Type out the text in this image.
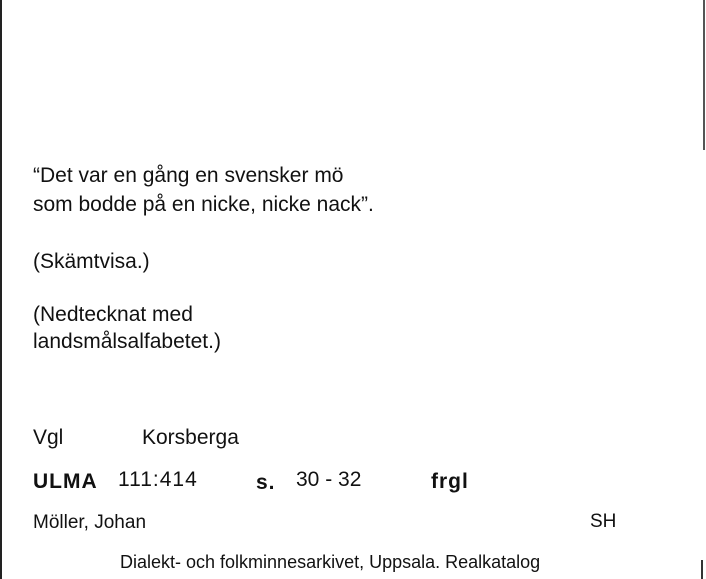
“Det var en gång en svensker mö
som bodde på en nicke, nicke nack”.
(Skämtvisa.)
(Nedtecknat med
landsmålsalfabetet.)
Vgl	Korsberga
ULMA 111:414	s. 30 - 32	frgl
Möller, Johan	SH
Dialekt- och folkminnesarkivet, Uppsala. Realkatalog
